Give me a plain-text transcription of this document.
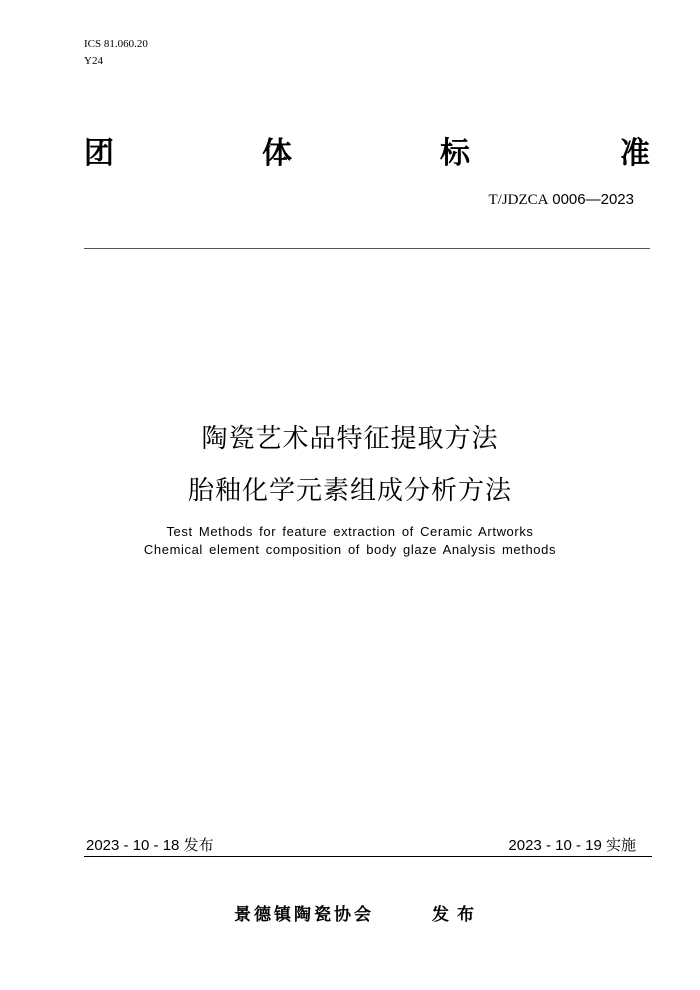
ICS 81.060.20
Y24
团	体	标	准
T/JDZCA 0006—2023
陶瓷艺术品特征提取方法
胎釉化学元素组成分析方法
Test Methods for feature extraction of Ceramic Artworks
Chemical element composition of body glaze Analysis methods
2023 - 10 - 18 发布	2023 - 10 - 19 实施
景德镇陶瓷协会	发布
